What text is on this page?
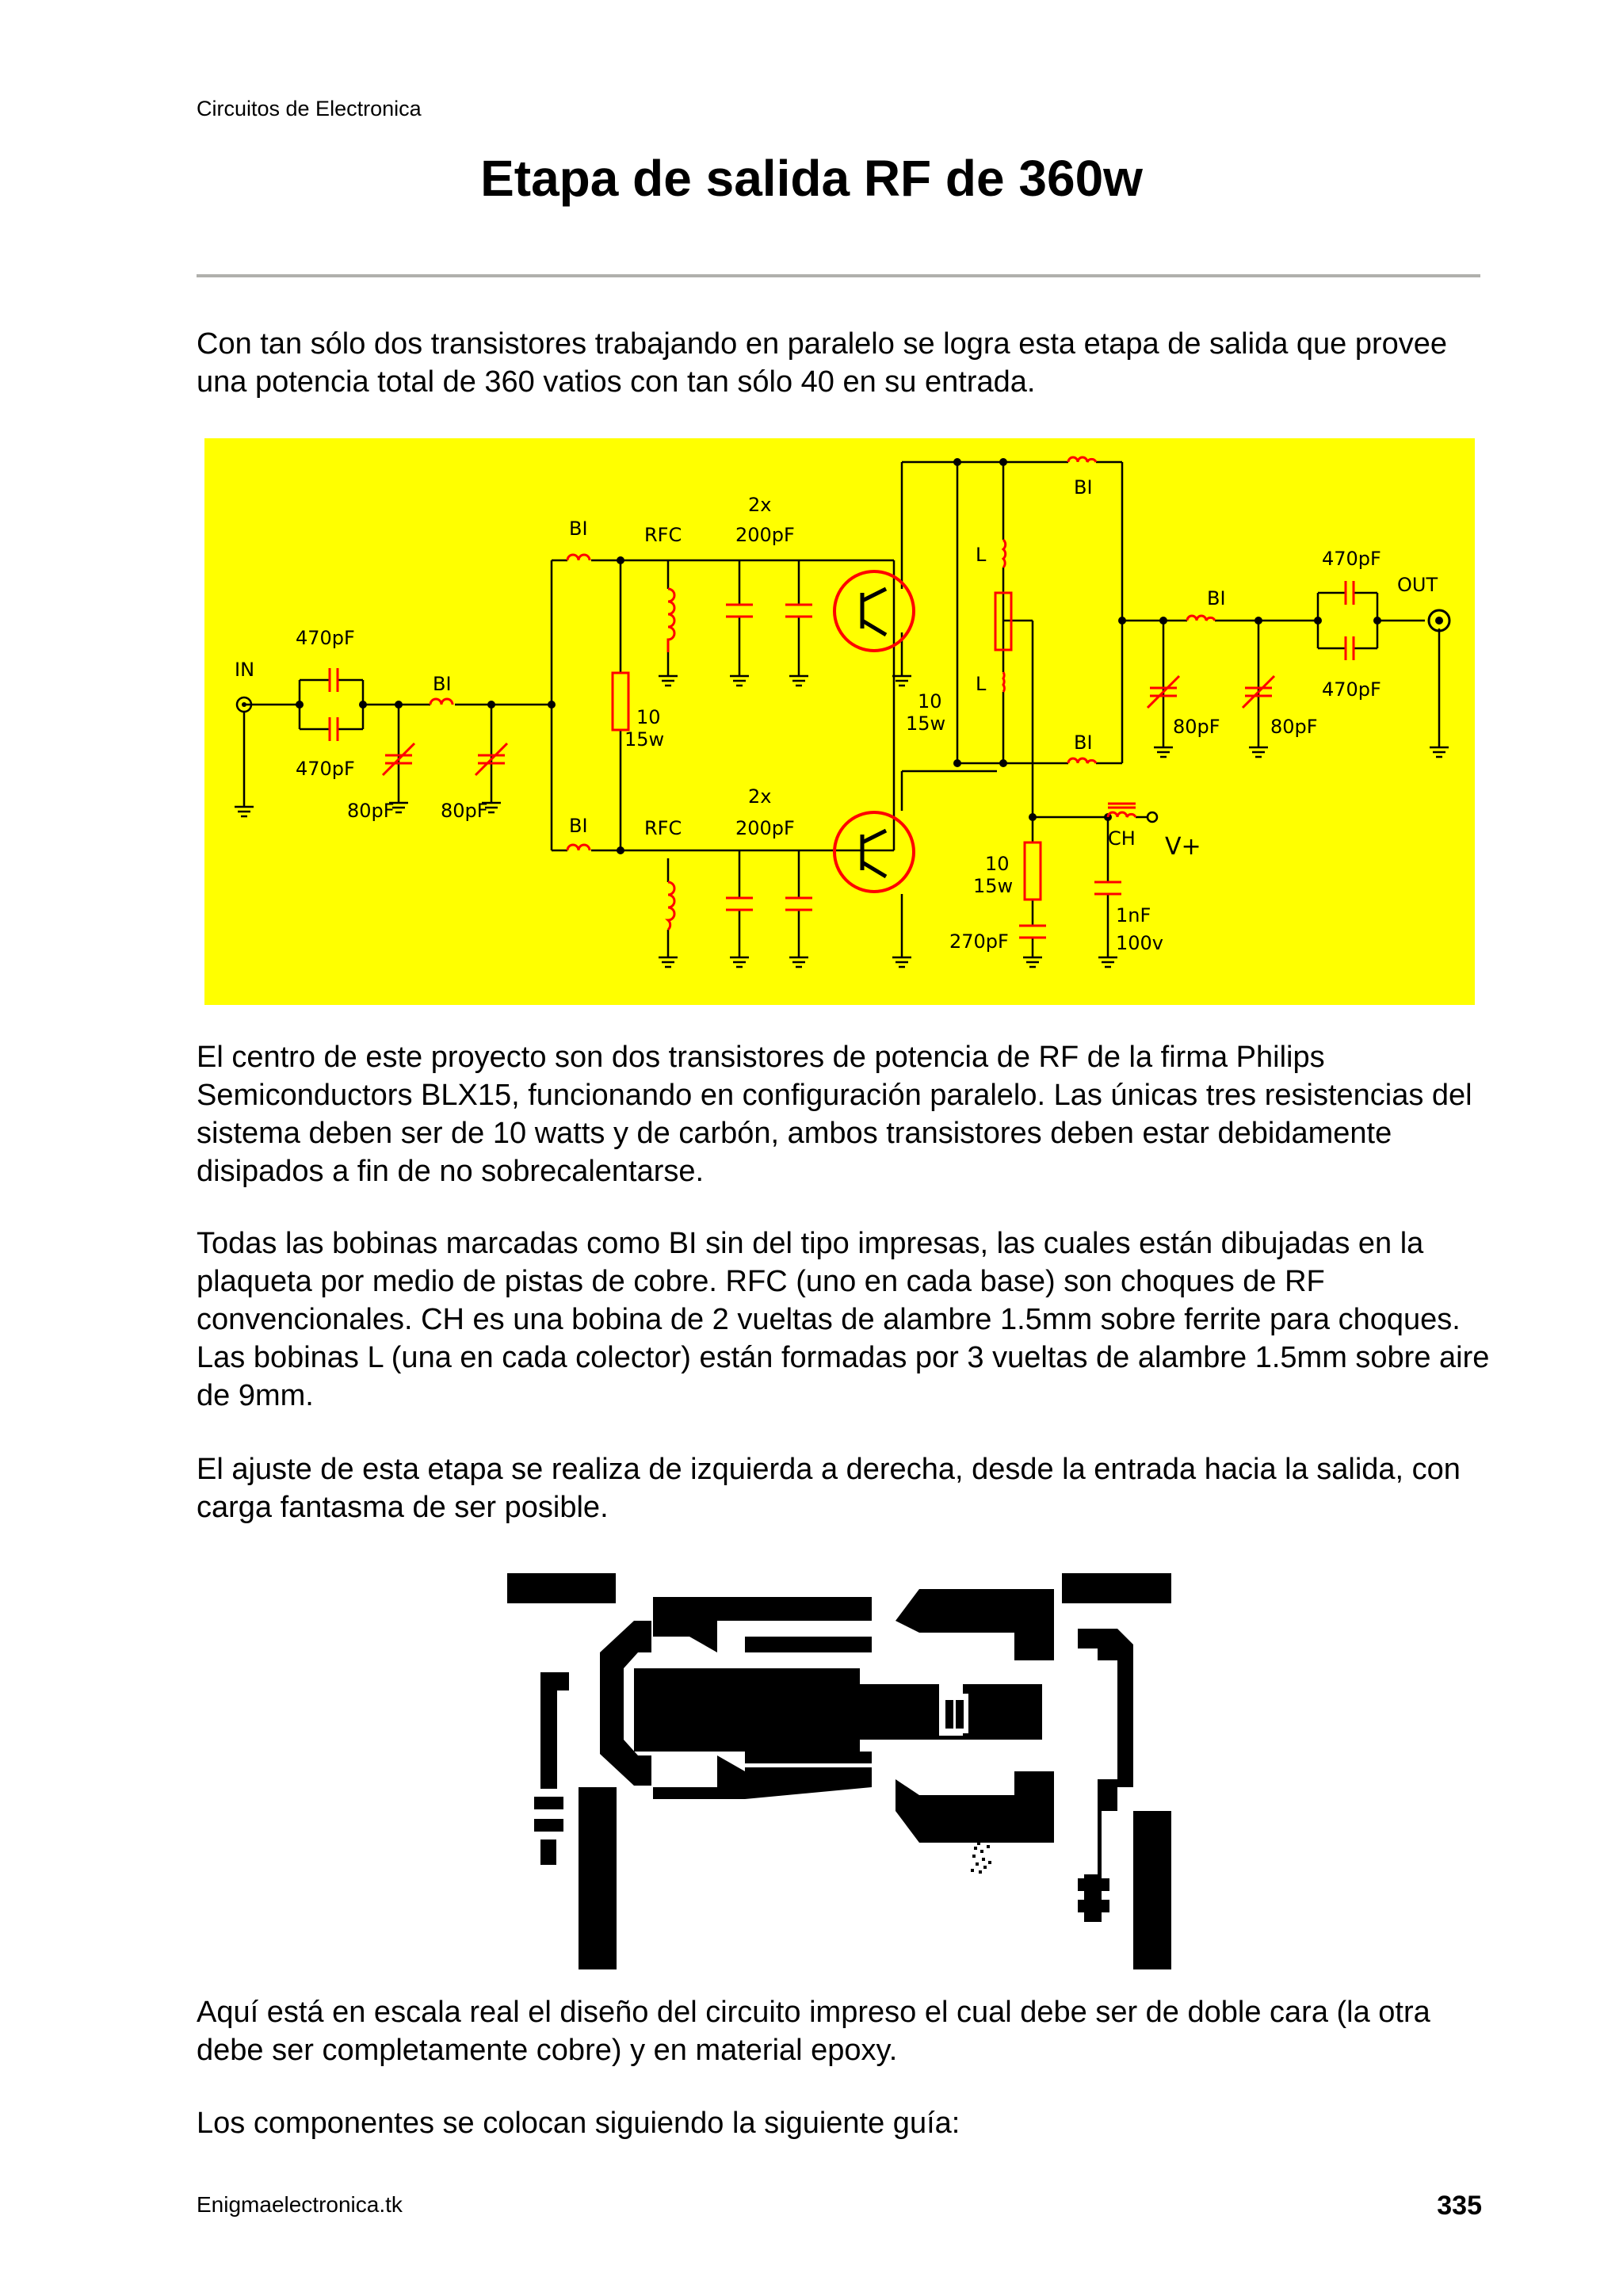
Circuitos de Electronica
Etapa de salida RF de 360w

Con tan sólo dos transistores trabajando en paralelo se logra esta etapa de salida que provee una potencia total de 360 vatios con tan sólo 40 en su entrada.

IN
OUT
470pF
470pF
470pF
470pF
80pF 80pF
80pF	80pF
BI
BI
BI
BI
BI
BI
RFC
RFC
2x
200pF
2x
200pF
10
15w
10
15w
10
15w
L
L
CH V+
270pF
1nF
100v

El centro de este proyecto son dos transistores de potencia de RF de la firma Philips Semiconductors BLX15, funcionando en configuración paralelo. Las únicas tres resistencias del sistema deben ser de 10 watts y de carbón, ambos transistores deben estar debidamente disipados a fin de no sobrecalentarse.

Todas las bobinas marcadas como BI sin del tipo impresas, las cuales están dibujadas en la plaqueta por medio de pistas de cobre. RFC (uno en cada base) son choques de RF convencionales. CH es una bobina de 2 vueltas de alambre 1.5mm sobre ferrite para choques. Las bobinas L (una en cada colector) están formadas por 3 vueltas de alambre 1.5mm sobre aire de 9mm.

El ajuste de esta etapa se realiza de izquierda a derecha, desde la entrada hacia la salida, con carga fantasma de ser posible.

Aquí está en escala real el diseño del circuito impreso el cual debe ser de doble cara (la otra debe ser completamente cobre) y en material epoxy.

Los componentes se colocan siguiendo la siguiente guía:

Enigmaelectronica.tk	335
